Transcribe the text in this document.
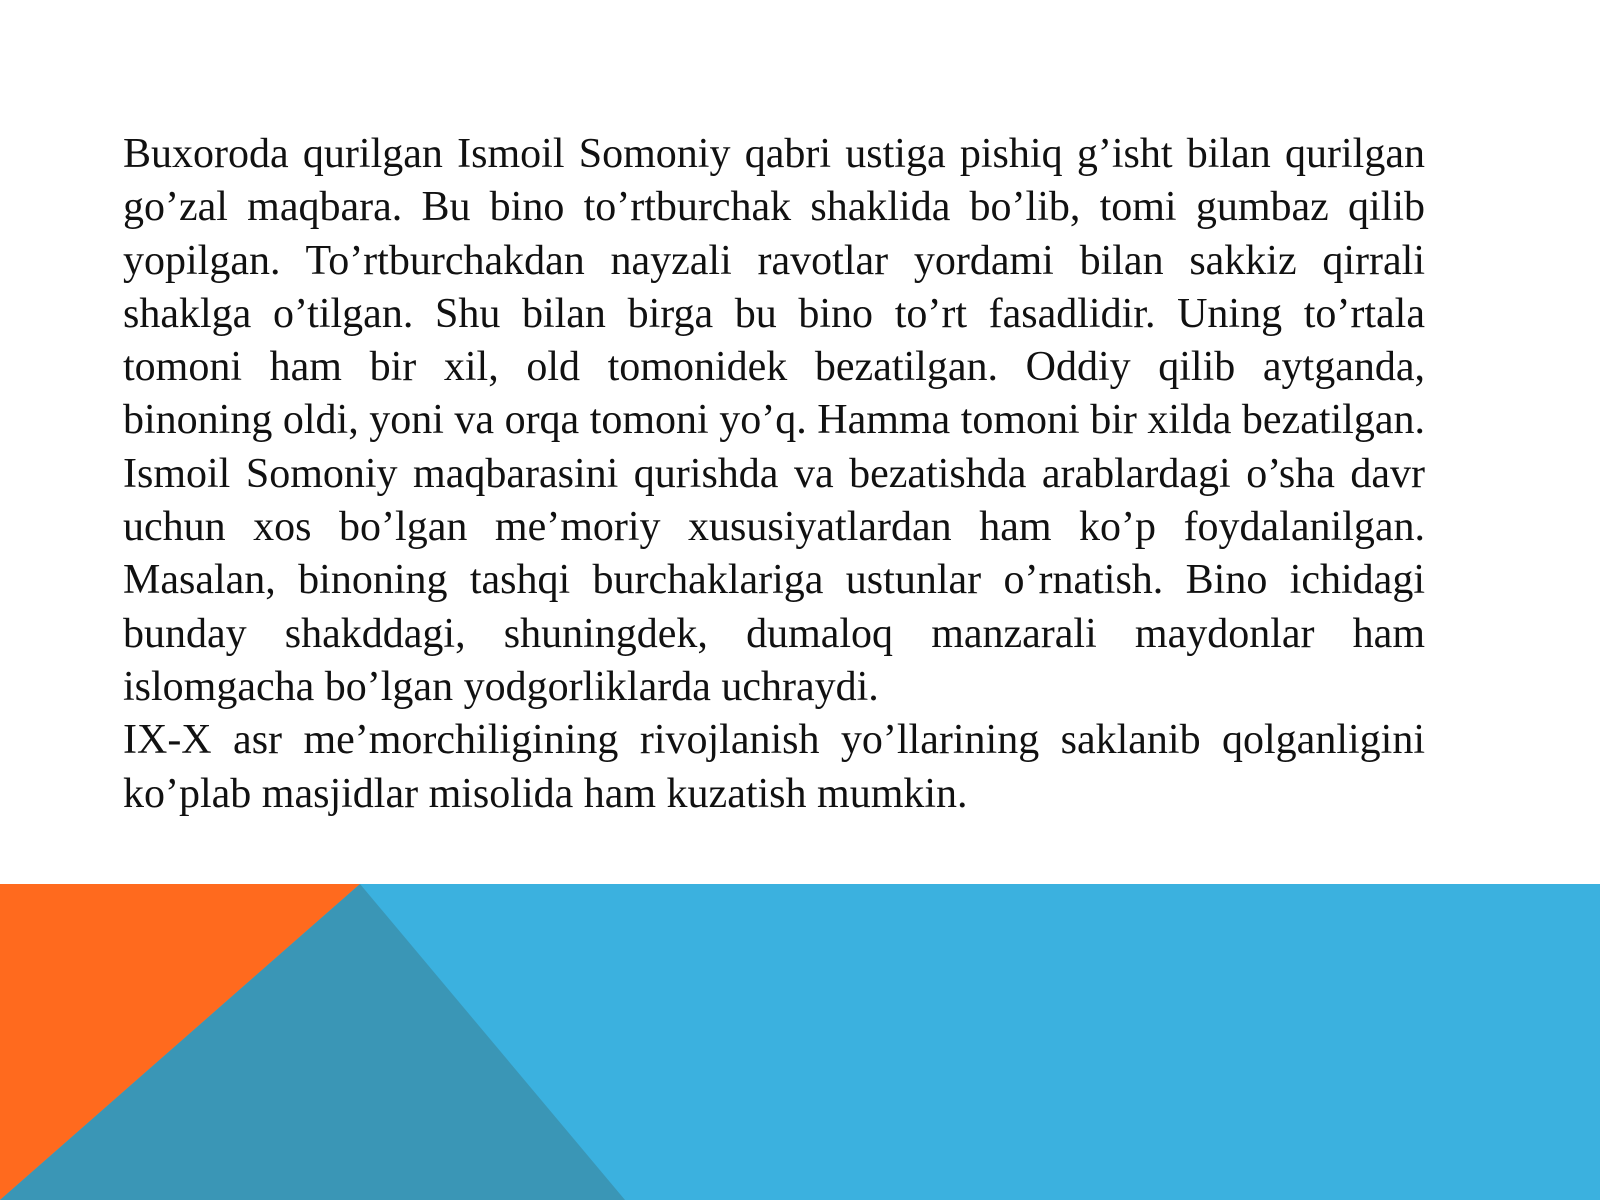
Buxoroda qurilgan Ismoil Somoniy qabri ustiga pishiq g’isht bilan qurilgan go’zal maqbara. Bu bino to’rtburchak shaklida bo’lib, tomi gumbaz qilib yopilgan. To’rtburchakdan nayzali ravotlar yordami bilan sakkiz qirrali shaklga o’tilgan. Shu bilan birga bu bino to’rt fasadlidir. Uning to’rtala tomoni ham bir xil, old tomonidek bezatilgan. Oddiy qilib aytganda, binoning oldi, yoni va orqa tomoni yo’q. Hamma tomoni bir xilda bezatilgan. Ismoil Somoniy maqbarasini qurishda va bezatishda arablardagi o’sha davr uchun xos bo’lgan me’moriy xususiyatlardan ham ko’p foydalanilgan. Masalan, binoning tashqi burchaklariga ustunlar o’rnatish. Bino ichidagi bunday shakddagi, shuningdek, dumaloq manzarali maydonlar ham islomgacha bo’lgan yodgorliklarda uchraydi.

IX-X asr me’morchiligining rivojlanish yo’llarining saklanib qolganligini ko’plab masjidlar misolida ham kuzatish mumkin.
